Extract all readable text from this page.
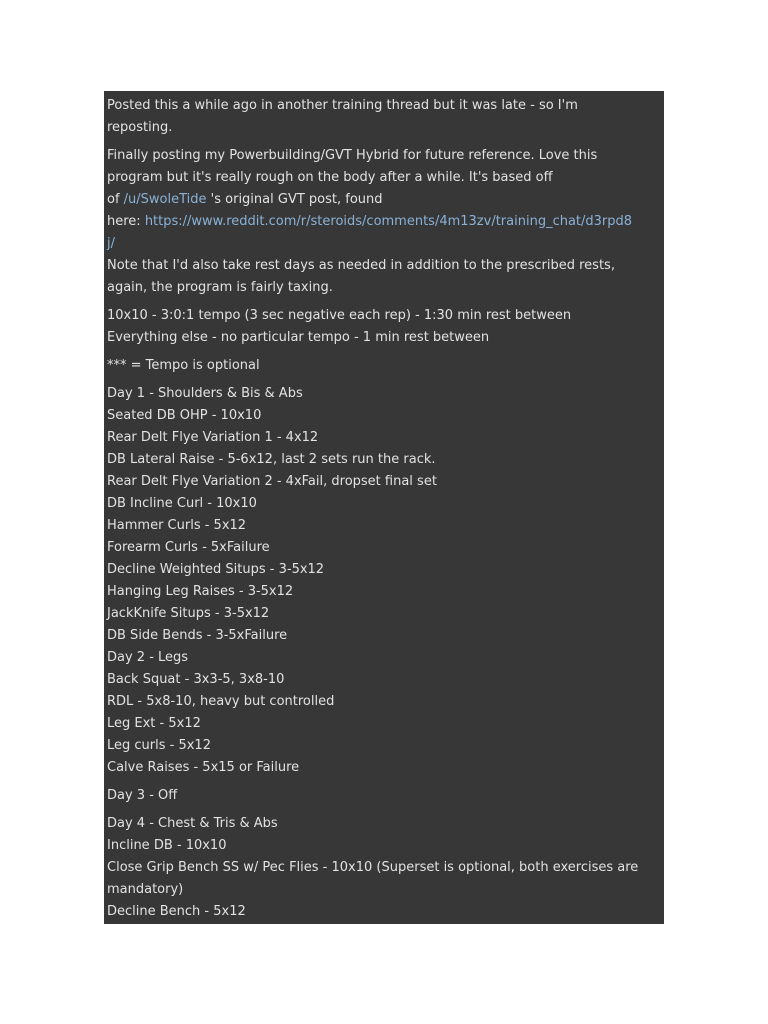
Posted this a while ago in another training thread but it was late - so I'm
reposting.
Finally posting my Powerbuilding/GVT Hybrid for future reference. Love this
program but it's really rough on the body after a while. It's based off
of /u/SwoleTide 's original GVT post, found
here: https://www.reddit.com/r/steroids/comments/4m13zv/training_chat/d3rpd8
j/
Note that I'd also take rest days as needed in addition to the prescribed rests,
again, the program is fairly taxing.
10x10 - 3:0:1 tempo (3 sec negative each rep) - 1:30 min rest between
Everything else - no particular tempo - 1 min rest between
*** = Tempo is optional
Day 1 - Shoulders & Bis & Abs
Seated DB OHP - 10x10
Rear Delt Flye Variation 1 - 4x12
DB Lateral Raise - 5-6x12, last 2 sets run the rack.
Rear Delt Flye Variation 2 - 4xFail, dropset final set
DB Incline Curl - 10x10
Hammer Curls - 5x12
Forearm Curls - 5xFailure
Decline Weighted Situps - 3-5x12
Hanging Leg Raises - 3-5x12
JackKnife Situps - 3-5x12
DB Side Bends - 3-5xFailure
Day 2 - Legs
Back Squat - 3x3-5, 3x8-10
RDL - 5x8-10, heavy but controlled
Leg Ext - 5x12
Leg curls - 5x12
Calve Raises - 5x15 or Failure
Day 3 - Off
Day 4 - Chest & Tris & Abs
Incline DB - 10x10
Close Grip Bench SS w/ Pec Flies - 10x10 (Superset is optional, both exercises are
mandatory)
Decline Bench - 5x12
